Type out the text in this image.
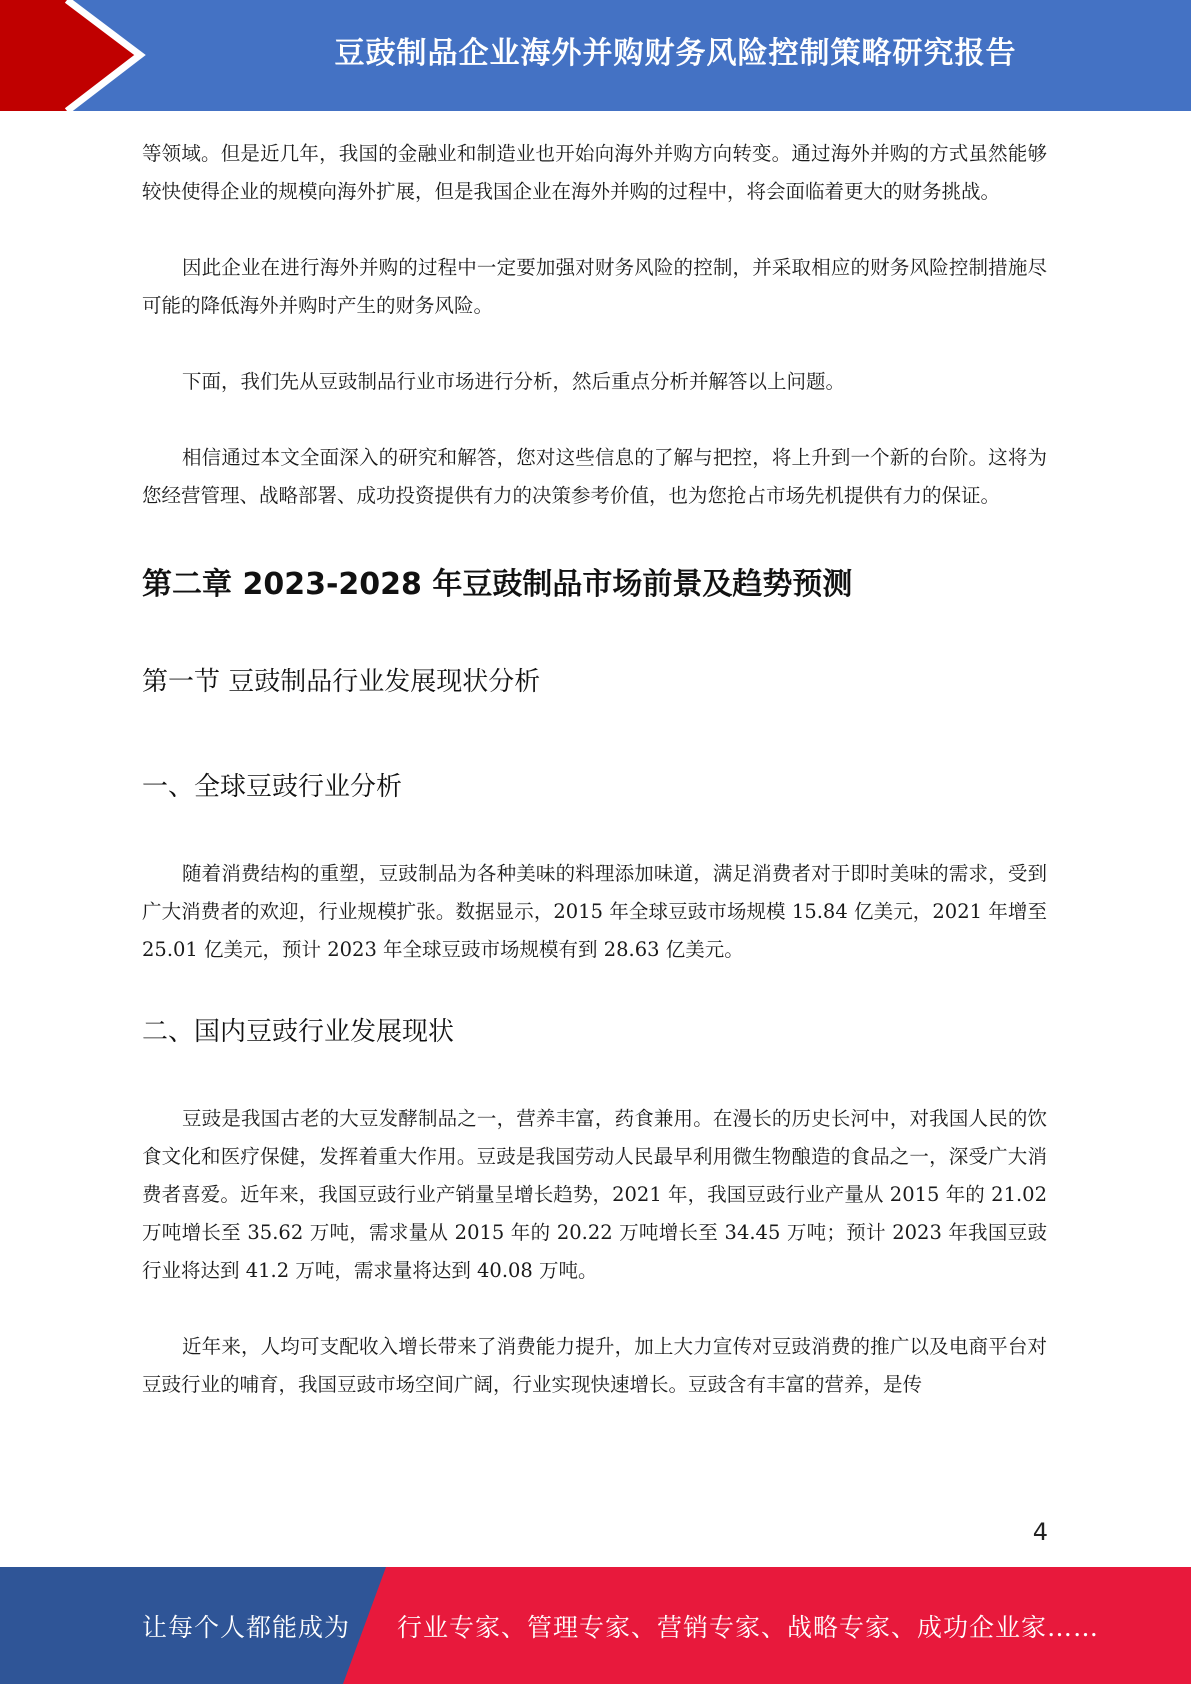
豆豉制品企业海外并购财务风险控制策略研究报告

等领域。但是近几年，我国的金融业和制造业也开始向海外并购方向转变。通过海外并购的方式虽然能够较快使得企业的规模向海外扩展，但是我国企业在海外并购的过程中，将会面临着更大的财务挑战。

因此企业在进行海外并购的过程中一定要加强对财务风险的控制，并采取相应的财务风险控制措施尽可能的降低海外并购时产生的财务风险。

下面，我们先从豆豉制品行业市场进行分析，然后重点分析并解答以上问题。

相信通过本文全面深入的研究和解答，您对这些信息的了解与把控，将上升到一个新的台阶。这将为您经营管理、战略部署、成功投资提供有力的决策参考价值，也为您抢占市场先机提供有力的保证。

第二章 2023-2028 年豆豉制品市场前景及趋势预测
第一节 豆豉制品行业发展现状分析
一、全球豆豉行业分析

随着消费结构的重塑，豆豉制品为各种美味的料理添加味道，满足消费者对于即时美味的需求，受到广大消费者的欢迎，行业规模扩张。数据显示，2015 年全球豆豉市场规模 15.84 亿美元，2021 年增至 25.01 亿美元，预计 2023 年全球豆豉市场规模有到 28.63 亿美元。

二、国内豆豉行业发展现状

豆豉是我国古老的大豆发酵制品之一，营养丰富，药食兼用。在漫长的历史长河中，对我国人民的饮食文化和医疗保健，发挥着重大作用。豆豉是我国劳动人民最早利用微生物酿造的食品之一，深受广大消费者喜爱。近年来，我国豆豉行业产销量呈增长趋势，2021 年，我国豆豉行业产量从 2015 年的 21.02 万吨增长至 35.62 万吨，需求量从 2015 年的 20.22 万吨增长至 34.45 万吨；预计 2023 年我国豆豉行业将达到 41.2 万吨，需求量将达到 40.08 万吨。

近年来，人均可支配收入增长带来了消费能力提升，加上大力宣传对豆豉消费的推广以及电商平台对豆豉行业的哺育，我国豆豉市场空间广阔，行业实现快速增长。豆豉含有丰富的营养，是传

4
让每个人都能成为 行业专家、管理专家、营销专家、战略专家、成功企业家……
